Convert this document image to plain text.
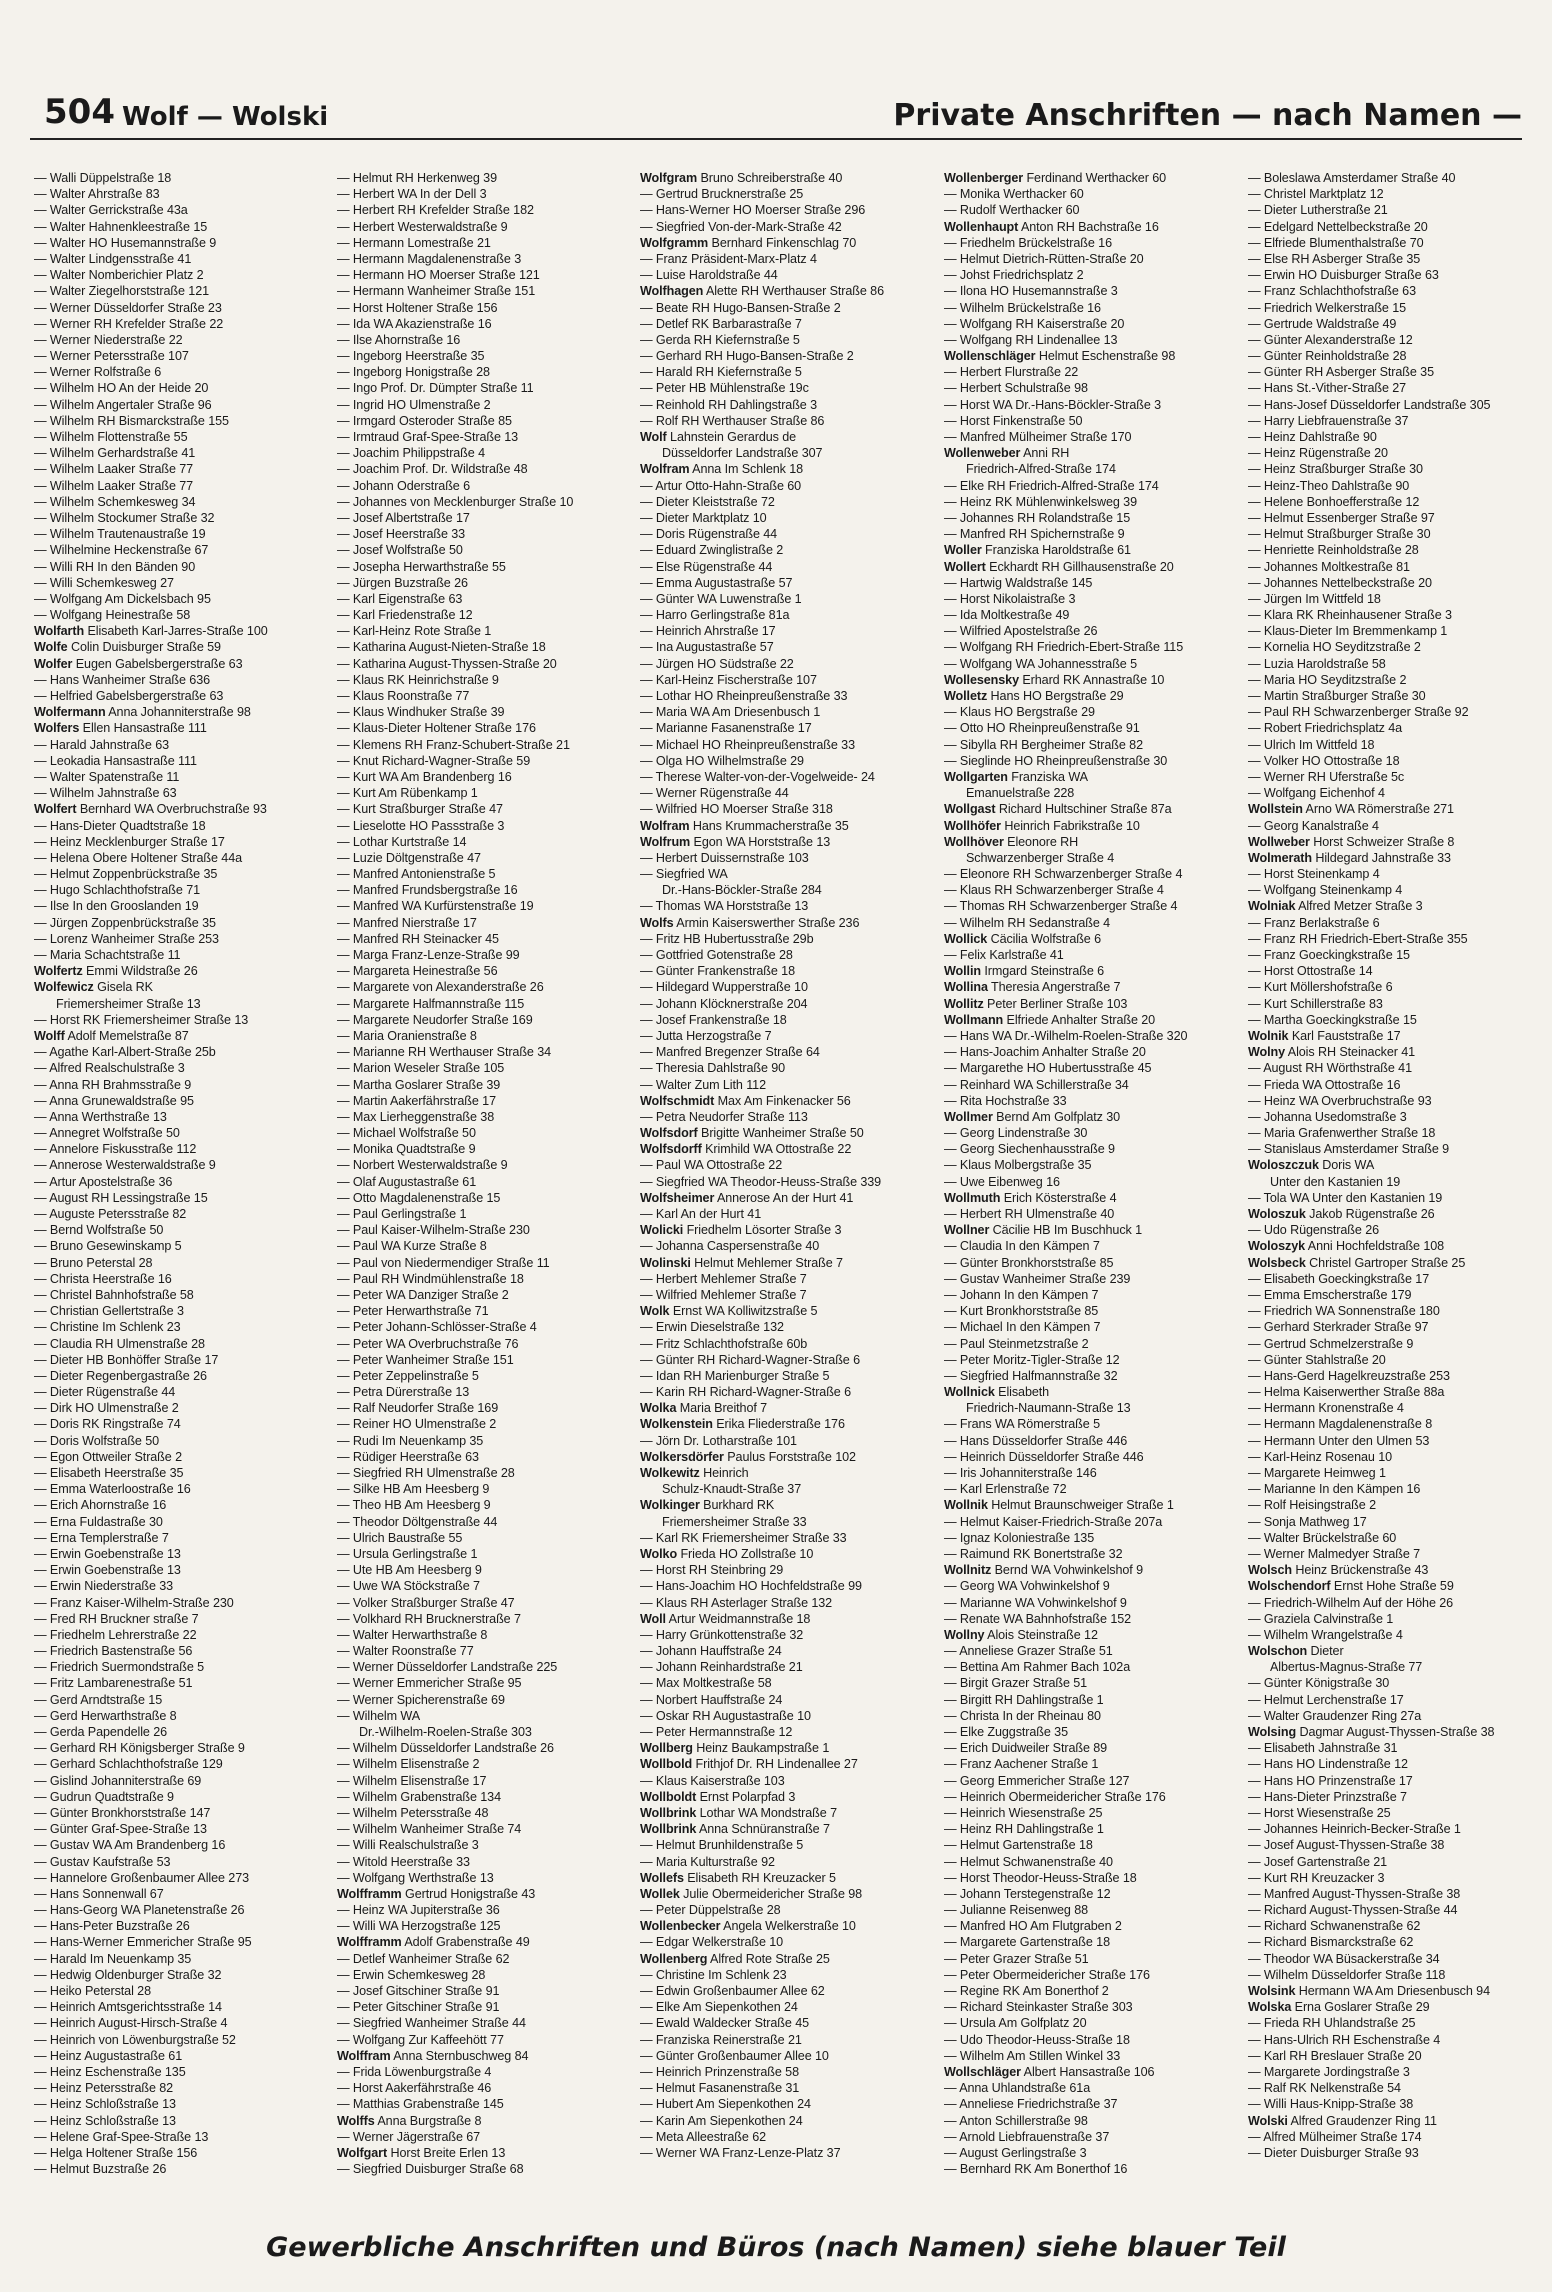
504 Wolf — Wolski	Private Anschriften — nach Namen —
— Walli Düppelstraße 18
— Walter Ahrstraße 83
— Walter Gerrickstraße 43a
— Walter Hahnenkleestraße 15
— Walter HO Husemannstraße 9
— Walter Lindgensstraße 41
— Walter Nomberichier Platz 2
— Walter Ziegelhorststraße 121
— Werner Düsseldorfer Straße 23
— Werner RH Krefelder Straße 22
— Werner Niederstraße 22
— Werner Petersstraße 107
— Werner Rolfstraße 6
— Wilhelm HO An der Heide 20
— Wilhelm Angertaler Straße 96
— Wilhelm RH Bismarckstraße 155
— Wilhelm Flottenstraße 55
— Wilhelm Gerhardstraße 41
— Wilhelm Laaker Straße 77
— Wilhelm Laaker Straße 77
— Wilhelm Schemkesweg 34
— Wilhelm Stockumer Straße 32
— Wilhelm Trautenaustraße 19
— Wilhelmine Heckenstraße 67
— Willi RH In den Bänden 90
— Willi Schemkesweg 27
— Wolfgang Am Dickelsbach 95
— Wolfgang Heinestraße 58
Wolfarth Elisabeth Karl-Jarres-Straße 100
Wolfe Colin Duisburger Straße 59
Wolfer Eugen Gabelsbergerstraße 63
— Hans Wanheimer Straße 636
— Helfried Gabelsbergerstraße 63
Wolfermann Anna Johanniterstraße 98
Wolfers Ellen Hansastraße 111
— Harald Jahnstraße 63
— Leokadia Hansastraße 111
— Walter Spatenstraße 11
— Wilhelm Jahnstraße 63
Wolfert Bernhard WA Overbruchstraße 93
— Hans-Dieter Quadtstraße 18
— Heinz Mecklenburger Straße 17
— Helena Obere Holtener Straße 44a
— Helmut Zoppenbrückstraße 35
— Hugo Schlachthofstraße 71
— Ilse In den Grooslanden 19
— Jürgen Zoppenbrückstraße 35
— Lorenz Wanheimer Straße 253
— Maria Schachtstraße 11
Wolfertz Emmi Wildstraße 26
Wolfewicz Gisela RK
Friemersheimer Straße 13
— Horst RK Friemersheimer Straße 13
Wolff Adolf Memelstraße 87
— Agathe Karl-Albert-Straße 25b
— Alfred Realschulstraße 3
— Anna RH Brahmsstraße 9
— Anna Grunewaldstraße 95
— Anna Werthstraße 13
— Annegret Wolfstraße 50
— Annelore Fiskusstraße 112
— Annerose Westerwaldstraße 9
— Artur Apostelstraße 36
— August RH Lessingstraße 15
— Auguste Petersstraße 82
— Bernd Wolfstraße 50
— Bruno Gesewinskamp 5
— Bruno Peterstal 28
— Christa Heerstraße 16
— Christel Bahnhofstraße 58
— Christian Gellertstraße 3
— Christine Im Schlenk 23
— Claudia RH Ulmenstraße 28
— Dieter HB Bonhöffer Straße 17
— Dieter Regenbergastraße 26
— Dieter Rügenstraße 44
— Dirk HO Ulmenstraße 2
— Doris RK Ringstraße 74
— Doris Wolfstraße 50
— Egon Ottweiler Straße 2
— Elisabeth Heerstraße 35
— Emma Waterloostraße 16
— Erich Ahornstraße 16
— Erna Fuldastraße 30
— Erna Templerstraße 7
— Erwin Goebenstraße 13
— Erwin Goebenstraße 13
— Erwin Niederstraße 33
— Franz Kaiser-Wilhelm-Straße 230
— Fred RH Bruckner straße 7
— Friedhelm Lehrerstraße 22
— Friedrich Bastenstraße 56
— Friedrich Suermondstraße 5
— Fritz Lambarenestraße 51
— Gerd Arndtstraße 15
— Gerd Herwarthstraße 8
— Gerda Papendelle 26
— Gerhard RH Königsberger Straße 9
— Gerhard Schlachthofstraße 129
— Gislind Johanniterstraße 69
— Gudrun Quadtstraße 9
— Günter Bronkhorststraße 147
— Günter Graf-Spee-Straße 13
— Gustav WA Am Brandenberg 16
— Gustav Kaufstraße 53
— Hannelore Großenbaumer Allee 273
— Hans Sonnenwall 67
— Hans-Georg WA Planetenstraße 26
— Hans-Peter Buzstraße 26
— Hans-Werner Emmericher Straße 95
— Harald Im Neuenkamp 35
— Hedwig Oldenburger Straße 32
— Heiko Peterstal 28
— Heinrich Amtsgerichtsstraße 14
— Heinrich August-Hirsch-Straße 4
— Heinrich von Löwenburgstraße 52
— Heinz Augustastraße 61
— Heinz Eschenstraße 135
— Heinz Petersstraße 82
— Heinz Schloßstraße 13
— Heinz Schloßstraße 13
— Helene Graf-Spee-Straße 13
— Helga Holtener Straße 156
— Helmut Buzstraße 26
— Helmut RH Herkenweg 39
— Herbert WA In der Dell 3
— Herbert RH Krefelder Straße 182
— Herbert Westerwaldstraße 9
— Hermann Lomestraße 21
— Hermann Magdalenenstraße 3
— Hermann HO Moerser Straße 121
— Hermann Wanheimer Straße 151
— Horst Holtener Straße 156
— Ida WA Akazienstraße 16
— Ilse Ahornstraße 16
— Ingeborg Heerstraße 35
— Ingeborg Honigstraße 28
— Ingo Prof. Dr. Dümpter Straße 11
— Ingrid HO Ulmenstraße 2
— Irmgard Osteroder Straße 85
— Irmtraud Graf-Spee-Straße 13
— Joachim Philippstraße 4
— Joachim Prof. Dr. Wildstraße 48
— Johann Oderstraße 6
— Johannes von Mecklenburger Straße 10
— Josef Albertstraße 17
— Josef Heerstraße 33
— Josef Wolfstraße 50
— Josepha Herwarthstraße 55
— Jürgen Buzstraße 26
— Karl Eigenstraße 63
— Karl Friedenstraße 12
— Karl-Heinz Rote Straße 1
— Katharina August-Nieten-Straße 18
— Katharina August-Thyssen-Straße 20
— Klaus RK Heinrichstraße 9
— Klaus Roonstraße 77
— Klaus Windhuker Straße 39
— Klaus-Dieter Holtener Straße 176
— Klemens RH Franz-Schubert-Straße 21
— Knut Richard-Wagner-Straße 59
— Kurt WA Am Brandenberg 16
— Kurt Am Rübenkamp 1
— Kurt Straßburger Straße 47
— Lieselotte HO Passstraße 3
— Lothar Kurtstraße 14
— Luzie Döltgenstraße 47
— Manfred Antonienstraße 5
— Manfred Frundsbergstraße 16
— Manfred WA Kurfürstenstraße 19
— Manfred Nierstraße 17
— Manfred RH Steinacker 45
— Marga Franz-Lenze-Straße 99
— Margareta Heinestraße 56
— Margarete von Alexanderstraße 26
— Margarete Halfmannstraße 115
— Margarete Neudorfer Straße 169
— Maria Oranienstraße 8
— Marianne RH Werthauser Straße 34
— Marion Weseler Straße 105
— Martha Goslarer Straße 39
— Martin Aakerfährstraße 17
— Max Lierheggenstraße 38
— Michael Wolfstraße 50
— Monika Quadtstraße 9
— Norbert Westerwaldstraße 9
— Olaf Augustastraße 61
— Otto Magdalenenstraße 15
— Paul Gerlingstraße 1
— Paul Kaiser-Wilhelm-Straße 230
— Paul WA Kurze Straße 8
— Paul von Niedermendiger Straße 11
— Paul RH Windmühlenstraße 18
— Peter WA Danziger Straße 2
— Peter Herwarthstraße 71
— Peter Johann-Schlösser-Straße 4
— Peter WA Overbruchstraße 76
— Peter Wanheimer Straße 151
— Peter Zeppelinstraße 5
— Petra Dürerstraße 13
— Ralf Neudorfer Straße 169
— Reiner HO Ulmenstraße 2
— Rudi Im Neuenkamp 35
— Rüdiger Heerstraße 63
— Siegfried RH Ulmenstraße 28
— Silke HB Am Heesberg 9
— Theo HB Am Heesberg 9
— Theodor Döltgenstraße 44
— Ulrich Baustraße 55
— Ursula Gerlingstraße 1
— Ute HB Am Heesberg 9
— Uwe WA Stöckstraße 7
— Volker Straßburger Straße 47
— Volkhard RH Brucknerstraße 7
— Walter Herwarthstraße 8
— Walter Roonstraße 77
— Werner Düsseldorfer Landstraße 225
— Werner Emmericher Straße 95
— Werner Spicherenstraße 69
— Wilhelm WA
Dr.-Wilhelm-Roelen-Straße 303
— Wilhelm Düsseldorfer Landstraße 26
— Wilhelm Elisenstraße 2
— Wilhelm Elisenstraße 17
— Wilhelm Grabenstraße 134
— Wilhelm Petersstraße 48
— Wilhelm Wanheimer Straße 74
— Willi Realschulstraße 3
— Witold Heerstraße 33
— Wolfgang Werthstraße 13
Wolfframm Gertrud Honigstraße 43
— Heinz WA Jupiterstraße 36
— Willi WA Herzogstraße 125
Wolfframm Adolf Grabenstraße 49
— Detlef Wanheimer Straße 62
— Erwin Schemkesweg 28
— Josef Gitschiner Straße 91
— Peter Gitschiner Straße 91
— Siegfried Wanheimer Straße 44
— Wolfgang Zur Kaffeehött 77
Wolffram Anna Sternbuschweg 84
— Frida Löwenburgstraße 4
— Horst Aakerfährstraße 46
— Matthias Grabenstraße 145
Wolffs Anna Burgstraße 8
— Werner Jägerstraße 67
Wolfgart Horst Breite Erlen 13
— Siegfried Duisburger Straße 68
Wolfgram Bruno Schreiberstraße 40
— Gertrud Brucknerstraße 25
— Hans-Werner HO Moerser Straße 296
— Siegfried Von-der-Mark-Straße 42
Wolfgramm Bernhard Finkenschlag 70
— Franz Präsident-Marx-Platz 4
— Luise Haroldstraße 44
Wolfhagen Alette RH Werthauser Straße 86
— Beate RH Hugo-Bansen-Straße 2
— Detlef RK Barbarastraße 7
— Gerda RH Kiefernstraße 5
— Gerhard RH Hugo-Bansen-Straße 2
— Harald RH Kiefernstraße 5
— Peter HB Mühlenstraße 19c
— Reinhold RH Dahlingstraße 3
— Rolf RH Werthauser Straße 86
Wolf Lahnstein Gerardus de
Düsseldorfer Landstraße 307
Wolfram Anna Im Schlenk 18
— Artur Otto-Hahn-Straße 60
— Dieter Kleiststraße 72
— Dieter Marktplatz 10
— Doris Rügenstraße 44
— Eduard Zwinglistraße 2
— Else Rügenstraße 44
— Emma Augustastraße 57
— Günter WA Luwenstraße 1
— Harro Gerlingstraße 81a
— Heinrich Ahrstraße 17
— Ina Augustastraße 57
— Jürgen HO Südstraße 22
— Karl-Heinz Fischerstraße 107
— Lothar HO Rheinpreußenstraße 33
— Maria WA Am Driesenbusch 1
— Marianne Fasanenstraße 17
— Michael HO Rheinpreußenstraße 33
— Olga HO Wilhelmstraße 29
— Therese Walter-von-der-Vogelweide- 24
— Werner Rügenstraße 44
— Wilfried HO Moerser Straße 318
Wolfram Hans Krummacherstraße 35
Wolfrum Egon WA Horststraße 13
— Herbert Duissernstraße 103
— Siegfried WA
Dr.-Hans-Böckler-Straße 284
— Thomas WA Horststraße 13
Wolfs Armin Kaiserswerther Straße 236
— Fritz HB Hubertusstraße 29b
— Gottfried Gotenstraße 28
— Günter Frankenstraße 18
— Hildegard Wupperstraße 10
— Johann Klöcknerstraße 204
— Josef Frankenstraße 18
— Jutta Herzogstraße 7
— Manfred Bregenzer Straße 64
— Theresia Dahlstraße 90
— Walter Zum Lith 112
Wolfschmidt Max Am Finkenacker 56
— Petra Neudorfer Straße 113
Wolfsdorf Brigitte Wanheimer Straße 50
Wolfsdorff Krimhild WA Ottostraße 22
— Paul WA Ottostraße 22
— Siegfried WA Theodor-Heuss-Straße 339
Wolfsheimer Annerose An der Hurt 41
— Karl An der Hurt 41
Wolicki Friedhelm Lösorter Straße 3
— Johanna Caspersenstraße 40
Wolinski Helmut Mehlemer Straße 7
— Herbert Mehlemer Straße 7
— Wilfried Mehlemer Straße 7
Wolk Ernst WA Kolliwitzstraße 5
— Erwin Dieselstraße 132
— Fritz Schlachthofstraße 60b
— Günter RH Richard-Wagner-Straße 6
— Idan RH Marienburger Straße 5
— Karin RH Richard-Wagner-Straße 6
Wolka Maria Breithof 7
Wolkenstein Erika Fliederstraße 176
— Jörn Dr. Lotharstraße 101
Wolkersdörfer Paulus Forststraße 102
Wolkewitz Heinrich
Schulz-Knaudt-Straße 37
Wolkinger Burkhard RK
Friemersheimer Straße 33
— Karl RK Friemersheimer Straße 33
Wolko Frieda HO Zollstraße 10
— Horst RH Steinbring 29
— Hans-Joachim HO Hochfeldstraße 99
— Klaus RH Asterlager Straße 132
Woll Artur Weidmannstraße 18
— Harry Grünkottenstraße 32
— Johann Hauffstraße 24
— Johann Reinhardstraße 21
— Max Moltkestraße 58
— Norbert Hauffstraße 24
— Oskar RH Augustastraße 10
— Peter Hermannstraße 12
Wollberg Heinz Baukampstraße 1
Wollbold Frithjof Dr. RH Lindenallee 27
— Klaus Kaiserstraße 103
Wollboldt Ernst Polarpfad 3
Wollbrink Lothar WA Mondstraße 7
Wollbrink Anna Schnüranstraße 7
— Helmut Brunhildenstraße 5
— Maria Kulturstraße 92
Wollefs Elisabeth RH Kreuzacker 5
Wollek Julie Obermeidericher Straße 98
— Peter Düppelstraße 28
Wollenbecker Angela Welkerstraße 10
— Edgar Welkerstraße 10
Wollenberg Alfred Rote Straße 25
— Christine Im Schlenk 23
— Edwin Großenbaumer Allee 62
— Elke Am Siepenkothen 24
— Ewald Waldecker Straße 45
— Franziska Reinerstraße 21
— Günter Großenbaumer Allee 10
— Heinrich Prinzenstraße 58
— Helmut Fasanenstraße 31
— Hubert Am Siepenkothen 24
— Karin Am Siepenkothen 24
— Meta Alleestraße 62
— Werner WA Franz-Lenze-Platz 37
Wollenberger Ferdinand Werthacker 60
— Monika Werthacker 60
— Rudolf Werthacker 60
Wollenhaupt Anton RH Bachstraße 16
— Friedhelm Brückelstraße 16
— Helmut Dietrich-Rütten-Straße 20
— Johst Friedrichsplatz 2
— Ilona HO Husemannstraße 3
— Wilhelm Brückelstraße 16
— Wolfgang RH Kaiserstraße 20
— Wolfgang RH Lindenallee 13
Wollenschläger Helmut Eschenstraße 98
— Herbert Flurstraße 22
— Herbert Schulstraße 98
— Horst WA Dr.-Hans-Böckler-Straße 3
— Horst Finkenstraße 50
— Manfred Mülheimer Straße 170
Wollenweber Anni RH
Friedrich-Alfred-Straße 174
— Elke RH Friedrich-Alfred-Straße 174
— Heinz RK Mühlenwinkelsweg 39
— Johannes RH Rolandstraße 15
— Manfred RH Spichernstraße 9
Woller Franziska Haroldstraße 61
Wollert Eckhardt RH Gillhausenstraße 20
— Hartwig Waldstraße 145
— Horst Nikolaistraße 3
— Ida Moltkestraße 49
— Wilfried Apostelstraße 26
— Wolfgang RH Friedrich-Ebert-Straße 115
— Wolfgang WA Johannesstraße 5
Wollesensky Erhard RK Annastraße 10
Wolletz Hans HO Bergstraße 29
— Klaus HO Bergstraße 29
— Otto HO Rheinpreußenstraße 91
— Sibylla RH Bergheimer Straße 82
— Sieglinde HO Rheinpreußenstraße 30
Wollgarten Franziska WA
Emanuelstraße 228
Wollgast Richard Hultschiner Straße 87a
Wollhöfer Heinrich Fabrikstraße 10
Wollhöver Eleonore RH
Schwarzenberger Straße 4
— Eleonore RH Schwarzenberger Straße 4
— Klaus RH Schwarzenberger Straße 4
— Thomas RH Schwarzenberger Straße 4
— Wilhelm RH Sedanstraße 4
Wollick Cäcilia Wolfstraße 6
— Felix Karlstraße 41
Wollin Irmgard Steinstraße 6
Wollina Theresia Angerstraße 7
Wollitz Peter Berliner Straße 103
Wollmann Elfriede Anhalter Straße 20
— Hans WA Dr.-Wilhelm-Roelen-Straße 320
— Hans-Joachim Anhalter Straße 20
— Margarethe HO Hubertusstraße 45
— Reinhard WA Schillerstraße 34
— Rita Hochstraße 33
Wollmer Bernd Am Golfplatz 30
— Georg Lindenstraße 30
— Georg Siechenhausstraße 9
— Klaus Molbergstraße 35
— Uwe Eibenweg 16
Wollmuth Erich Kösterstraße 4
— Herbert RH Ulmenstraße 40
Wollner Cäcilie HB Im Buschhuck 1
— Claudia In den Kämpen 7
— Günter Bronkhorststraße 85
— Gustav Wanheimer Straße 239
— Johann In den Kämpen 7
— Kurt Bronkhorststraße 85
— Michael In den Kämpen 7
— Paul Steinmetzstraße 2
— Peter Moritz-Tigler-Straße 12
— Siegfried Halfmannstraße 32
Wollnick Elisabeth
Friedrich-Naumann-Straße 13
— Frans WA Römerstraße 5
— Hans Düsseldorfer Straße 446
— Heinrich Düsseldorfer Straße 446
— Iris Johanniterstraße 146
— Karl Erlenstraße 72
Wollnik Helmut Braunschweiger Straße 1
— Helmut Kaiser-Friedrich-Straße 207a
— Ignaz Koloniestraße 135
— Raimund RK Bonertstraße 32
Wollnitz Bernd WA Vohwinkelshof 9
— Georg WA Vohwinkelshof 9
— Marianne WA Vohwinkelshof 9
— Renate WA Bahnhofstraße 152
Wollny Alois Steinstraße 12
— Anneliese Grazer Straße 51
— Bettina Am Rahmer Bach 102a
— Birgit Grazer Straße 51
— Birgitt RH Dahlingstraße 1
— Christa In der Rheinau 80
— Elke Zuggstraße 35
— Erich Duidweiler Straße 89
— Franz Aachener Straße 1
— Georg Emmericher Straße 127
— Heinrich Obermeidericher Straße 176
— Heinrich Wiesenstraße 25
— Heinz RH Dahlingstraße 1
— Helmut Gartenstraße 18
— Helmut Schwanenstraße 40
— Horst Theodor-Heuss-Straße 18
— Johann Terstegenstraße 12
— Julianne Reisenweg 88
— Manfred HO Am Flutgraben 2
— Margarete Gartenstraße 18
— Peter Grazer Straße 51
— Peter Obermeidericher Straße 176
— Regine RK Am Bonerthof 2
— Richard Steinkaster Straße 303
— Ursula Am Golfplatz 20
— Udo Theodor-Heuss-Straße 18
— Wilhelm Am Stillen Winkel 33
Wollschläger Albert Hansastraße 106
— Anna Uhlandstraße 61a
— Anneliese Friedrichstraße 37
— Anton Schillerstraße 98
— Arnold Liebfrauenstraße 37
— August Gerlingstraße 3
— Bernhard RK Am Bonerthof 16
— Boleslawa Amsterdamer Straße 40
— Christel Marktplatz 12
— Dieter Lutherstraße 21
— Edelgard Nettelbeckstraße 20
— Elfriede Blumenthalstraße 70
— Else RH Asberger Straße 35
— Erwin HO Duisburger Straße 63
— Franz Schlachthofstraße 63
— Friedrich Welkerstraße 15
— Gertrude Waldstraße 49
— Günter Alexanderstraße 12
— Günter Reinholdstraße 28
— Günter RH Asberger Straße 35
— Hans St.-Vither-Straße 27
— Hans-Josef Düsseldorfer Landstraße 305
— Harry Liebfrauenstraße 37
— Heinz Dahlstraße 90
— Heinz Rügenstraße 20
— Heinz Straßburger Straße 30
— Heinz-Theo Dahlstraße 90
— Helene Bonhoefferstraße 12
— Helmut Essenberger Straße 97
— Helmut Straßburger Straße 30
— Henriette Reinholdstraße 28
— Johannes Moltkestraße 81
— Johannes Nettelbeckstraße 20
— Jürgen Im Wittfeld 18
— Klara RK Rheinhausener Straße 3
— Klaus-Dieter Im Bremmenkamp 1
— Kornelia HO Seyditzstraße 2
— Luzia Haroldstraße 58
— Maria HO Seyditzstraße 2
— Martin Straßburger Straße 30
— Paul RH Schwarzenberger Straße 92
— Robert Friedrichsplatz 4a
— Ulrich Im Wittfeld 18
— Volker HO Ottostraße 18
— Werner RH Uferstraße 5c
— Wolfgang Eichenhof 4
Wollstein Arno WA Römerstraße 271
— Georg Kanalstraße 4
Wollweber Horst Schweizer Straße 8
Wolmerath Hildegard Jahnstraße 33
— Horst Steinenkamp 4
— Wolfgang Steinenkamp 4
Wolniak Alfred Metzer Straße 3
— Franz Berlakstraße 6
— Franz RH Friedrich-Ebert-Straße 355
— Franz Goeckingkstraße 15
— Horst Ottostraße 14
— Kurt Möllershofstraße 6
— Kurt Schillerstraße 83
— Martha Goeckingkstraße 15
Wolnik Karl Fauststraße 17
Wolny Alois RH Steinacker 41
— August RH Wörthstraße 41
— Frieda WA Ottostraße 16
— Heinz WA Overbruchstraße 93
— Johanna Usedomstraße 3
— Maria Grafenwerther Straße 18
— Stanislaus Amsterdamer Straße 9
Woloszczuk Doris WA
Unter den Kastanien 19
— Tola WA Unter den Kastanien 19
Woloszuk Jakob Rügenstraße 26
— Udo Rügenstraße 26
Woloszyk Anni Hochfeldstraße 108
Wolsbeck Christel Gartroper Straße 25
— Elisabeth Goeckingkstraße 17
— Emma Emscherstraße 179
— Friedrich WA Sonnenstraße 180
— Gerhard Sterkrader Straße 97
— Gertrud Schmelzerstraße 9
— Günter Stahlstraße 20
— Hans-Gerd Hagelkreuzstraße 253
— Helma Kaiserwerther Straße 88a
— Hermann Kronenstraße 4
— Hermann Magdalenenstraße 8
— Hermann Unter den Ulmen 53
— Karl-Heinz Rosenau 10
— Margarete Heimweg 1
— Marianne In den Kämpen 16
— Rolf Heisingstraße 2
— Sonja Mathweg 17
— Walter Brückelstraße 60
— Werner Malmedyer Straße 7
Wolsch Heinz Brückenstraße 43
Wolschendorf Ernst Hohe Straße 59
— Friedrich-Wilhelm Auf der Höhe 26
— Graziela Calvinstraße 1
— Wilhelm Wrangelstraße 4
Wolschon Dieter
Albertus-Magnus-Straße 77
— Günter Königstraße 30
— Helmut Lerchenstraße 17
— Walter Graudenzer Ring 27a
Wolsing Dagmar August-Thyssen-Straße 38
— Elisabeth Jahnstraße 31
— Hans HO Lindenstraße 12
— Hans HO Prinzenstraße 17
— Hans-Dieter Prinzstraße 7
— Horst Wiesenstraße 25
— Johannes Heinrich-Becker-Straße 1
— Josef August-Thyssen-Straße 38
— Josef Gartenstraße 21
— Kurt RH Kreuzacker 3
— Manfred August-Thyssen-Straße 38
— Richard August-Thyssen-Straße 44
— Richard Schwanenstraße 62
— Richard Bismarckstraße 62
— Theodor WA Büsackerstraße 34
— Wilhelm Düsseldorfer Straße 118
Wolsink Hermann WA Am Driesenbusch 94
Wolska Erna Goslarer Straße 29
— Frieda RH Uhlandstraße 25
— Hans-Ulrich RH Eschenstraße 4
— Karl RH Breslauer Straße 20
— Margarete Jordingstraße 3
— Ralf RK Nelkenstraße 54
— Willi Haus-Knipp-Straße 38
Wolski Alfred Graudenzer Ring 11
— Alfred Mülheimer Straße 174
— Dieter Duisburger Straße 93
Gewerbliche Anschriften und Büros (nach Namen) siehe blauer Teil
